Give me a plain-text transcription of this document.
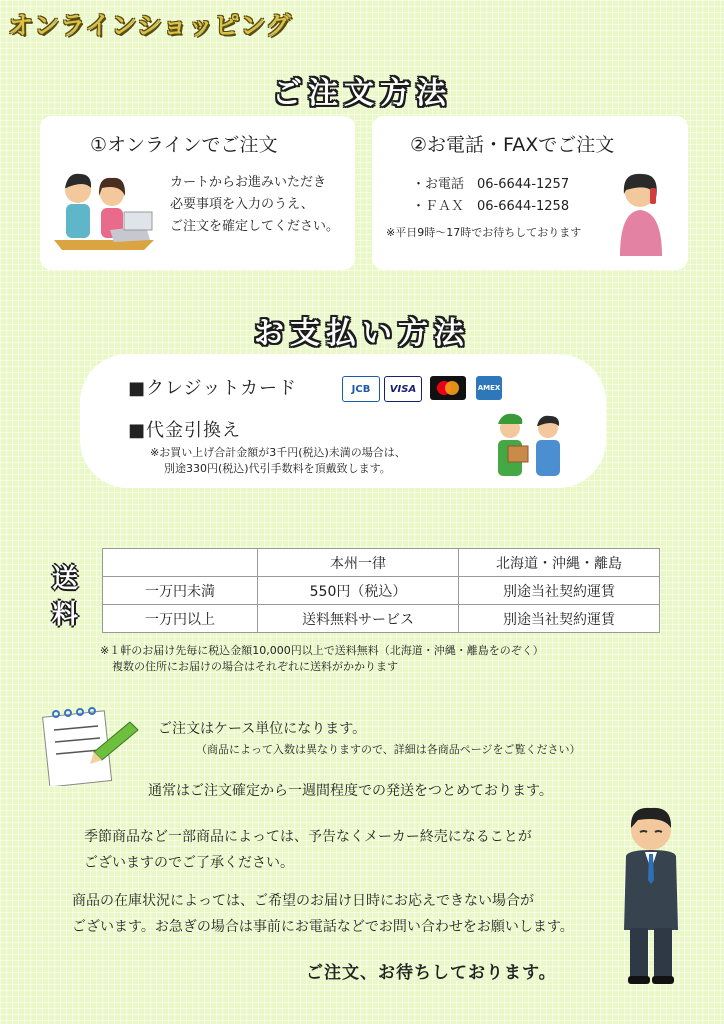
オンラインショッピング
ご注文方法
①オンラインでご注文
カートからお進みいただき
必要事項を入力のうえ、
ご注文を確定してください。
②お電話・FAXでご注文
・お電話　06-6644-1257
・ＦＡＸ　06-6644-1258
※平日9時～17時でお待ちしております
お支払い方法
■クレジットカード	JCB VISA	AMEX
■代金引換え
※お買い上げ合計金額が3千円(税込)未満の場合は、
別途330円(税込)代引手数料を頂戴致します。
送
料
	本州一律	北海道・沖縄・離島
一万円未満	550円（税込）	別途当社契約運賃
一万円以上	送料無料サービス	別途当社契約運賃
※１軒のお届け先毎に税込金額10,000円以上で送料無料（北海道・沖縄・離島をのぞく）
複数の住所にお届けの場合はそれぞれに送料がかかります
ご注文はケース単位になります。
（商品によって入数は異なりますので、詳細は各商品ページをご覧ください）
通常はご注文確定から一週間程度での発送をつとめております。
季節商品など一部商品によっては、予告なくメーカー終売になることが
ございますのでご了承ください。
商品の在庫状況によっては、ご希望のお届け日時にお応えできない場合が
ございます。お急ぎの場合は事前にお電話などでお問い合わせをお願いします。
ご注文、お待ちしております。
